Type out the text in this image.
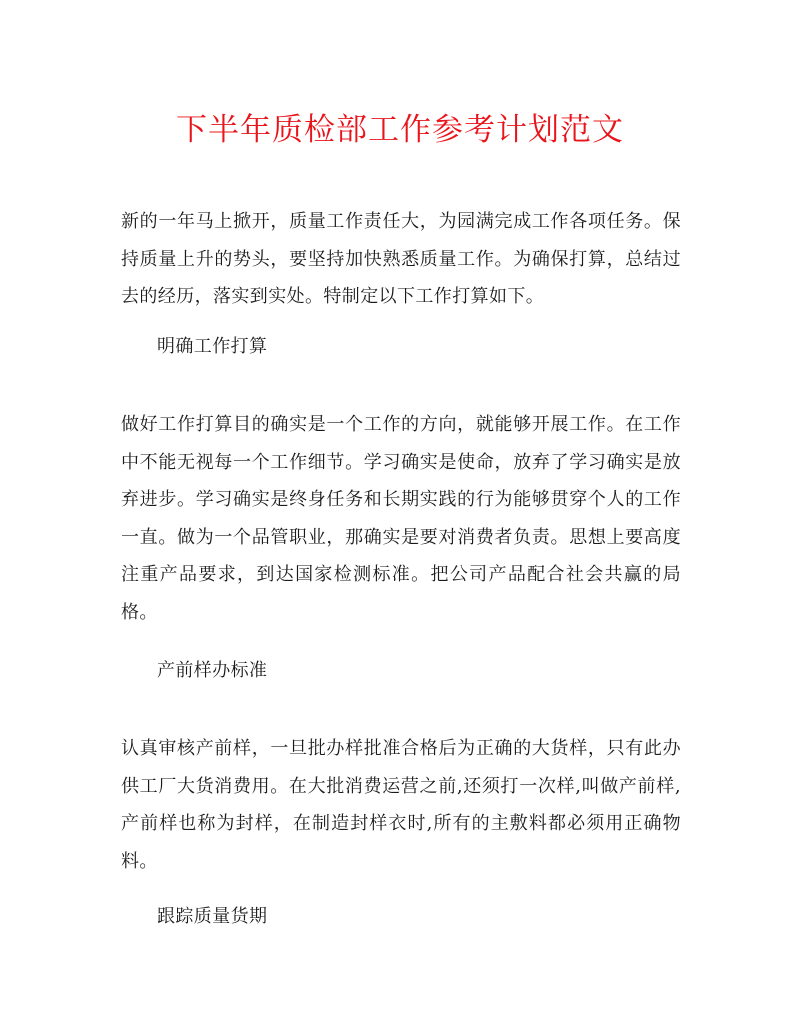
下半年质检部工作参考计划范文

新的一年马上掀开，质量工作责任大，为园满完成工作各项任务。保持质量上升的势头，要坚持加快熟悉质量工作。为确保打算，总结过去的经历，落实到实处。特制定以下工作打算如下。

明确工作打算

做好工作打算目的确实是一个工作的方向，就能够开展工作。在工作中不能无视每一个工作细节。学习确实是使命，放弃了学习确实是放弃进步。学习确实是终身任务和长期实践的行为能够贯穿个人的工作一直。做为一个品管职业，那确实是要对消费者负责。思想上要高度注重产品要求，到达国家检测标准。把公司产品配合社会共赢的局格。

产前样办标准

认真审核产前样，一旦批办样批准合格后为正确的大货样，只有此办供工厂大货消费用。在大批消费运营之前,还须打一次样,叫做产前样,产前样也称为封样，在制造封样衣时,所有的主敷料都必须用正确物料。

跟踪质量货期
